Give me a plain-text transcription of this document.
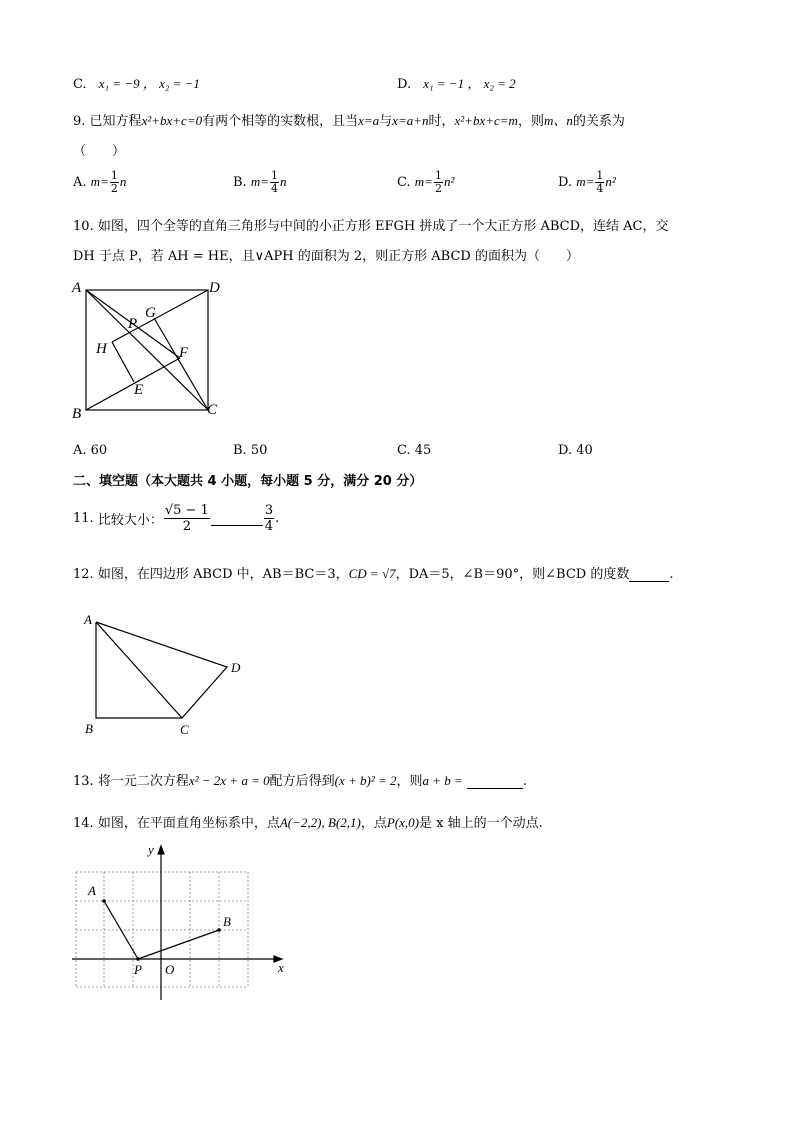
C. x₁ = −9 ， x₂ = −1	D. x₁ = −1 ， x₂ = 2
9. 已知方程x²+bx+c=0有两个相等的实数根，且当x=a与x=a+n时，x²+bx+c=m，则m、n的关系为
（　　）
A. $m= \frac{1}{2}$ n	B. $m= \frac{1}{4}$ n	C. $m= \frac{1}{2} n^2$	D. $m= \frac{1}{4} n^2$
10. 如图，四个全等的直角三角形与中间的小正方形 EFGH 拼成了一个大正方形 ABCD，连结 AC，交
DH 于点 P，若 AH = HE，且∨APH 的面积为 2，则正方形 ABCD 的面积为（　　）
A	D
G
P
H	F
E
B	C
A. 60	B. 50	C. 45	D. 40
二、填空题（本大题共 4 小题，每小题 5 分，满分 20 分）
11. 比较大小： $\frac{√5 - 1}{2}$	$\frac{3}{4}$ .
12. 如图，在四边形 ABCD 中，AB＝BC＝3，CD = √7，DA＝5，∠B＝90°，则∠BCD 的度数	.
A
D
B	C
13. 将一元二次方程x² − 2x + a = 0配方后得到(x + b)² = 2，则a + b =	.
14. 如图，在平面直角坐标系中，点A(−2,2), B(2,1)，点P(x,0)是 x 轴上的一个动点.
y
A
B
P O	x
